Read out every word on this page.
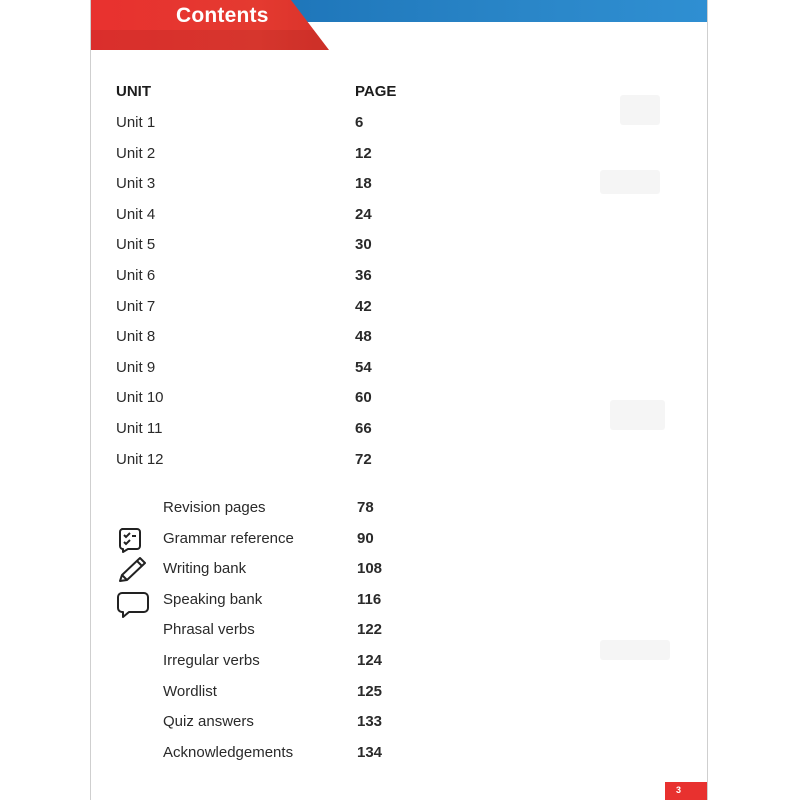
Contents
UNIT	PAGE
Unit 1	6
Unit 2	12
Unit 3	18
Unit 4	24
Unit 5	30
Unit 6	36
Unit 7	42
Unit 8	48
Unit 9	54
Unit 10	60
Unit 11	66
Unit 12	72
Revision pages	78
Grammar reference	90
Writing bank	108
Speaking bank	116
Phrasal verbs	122
Irregular verbs	124
Wordlist	125
Quiz answers	133
Acknowledgements	134
3
